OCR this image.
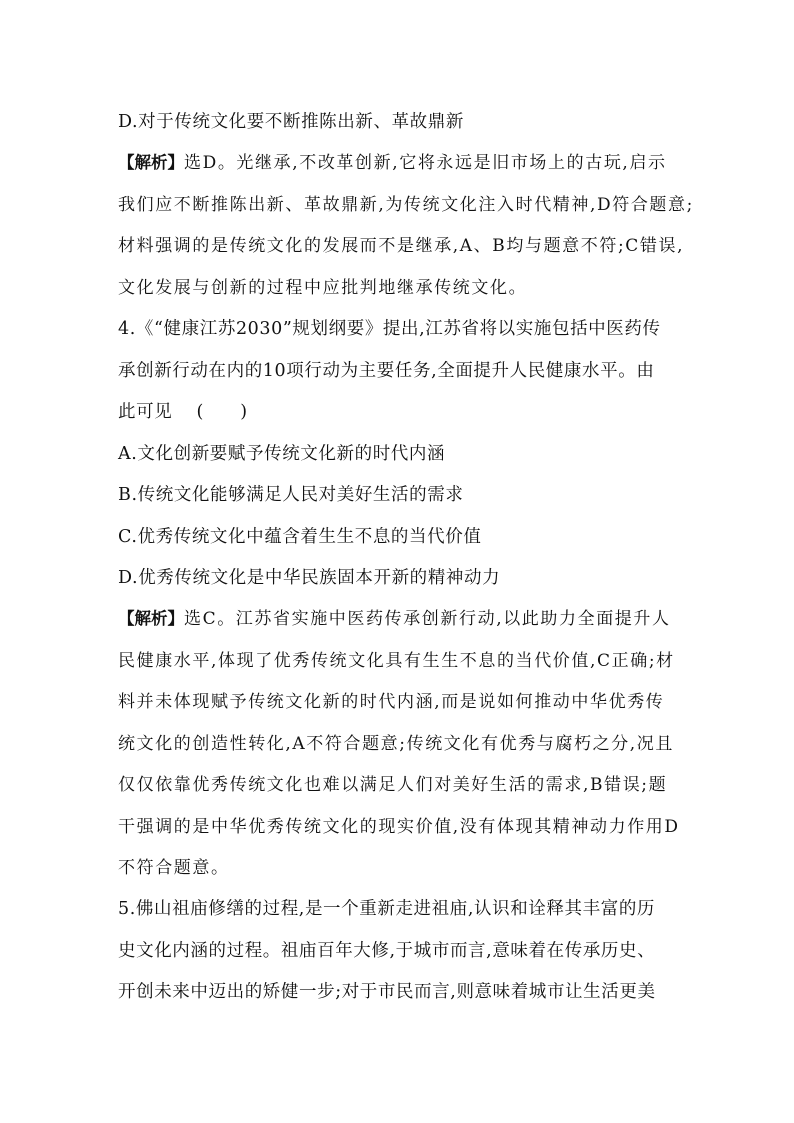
D.对于传统文化要不断推陈出新、革故鼎新
【解析】选D。光继承,不改革创新,它将永远是旧市场上的古玩,启示
我们应不断推陈出新、革故鼎新,为传统文化注入时代精神,D符合题意;
材料强调的是传统文化的发展而不是继承,A、B均与题意不符;C错误,
文化发展与创新的过程中应批判地继承传统文化。
4.《“健康江苏2030”规划纲要》提出,江苏省将以实施包括中医药传
承创新行动在内的10项行动为主要任务,全面提升人民健康水平。由
此可见　 (　　)
A.文化创新要赋予传统文化新的时代内涵
B.传统文化能够满足人民对美好生活的需求
C.优秀传统文化中蕴含着生生不息的当代价值
D.优秀传统文化是中华民族固本开新的精神动力
【解析】选C。江苏省实施中医药传承创新行动,以此助力全面提升人
民健康水平,体现了优秀传统文化具有生生不息的当代价值,C正确;材
料并未体现赋予传统文化新的时代内涵,而是说如何推动中华优秀传
统文化的创造性转化,A不符合题意;传统文化有优秀与腐朽之分,况且
仅仅依靠优秀传统文化也难以满足人们对美好生活的需求,B错误;题
干强调的是中华优秀传统文化的现实价值,没有体现其精神动力作用D
不符合题意。
5.佛山祖庙修缮的过程,是一个重新走进祖庙,认识和诠释其丰富的历
史文化内涵的过程。祖庙百年大修,于城市而言,意味着在传承历史、
开创未来中迈出的矫健一步;对于市民而言,则意味着城市让生活更美
